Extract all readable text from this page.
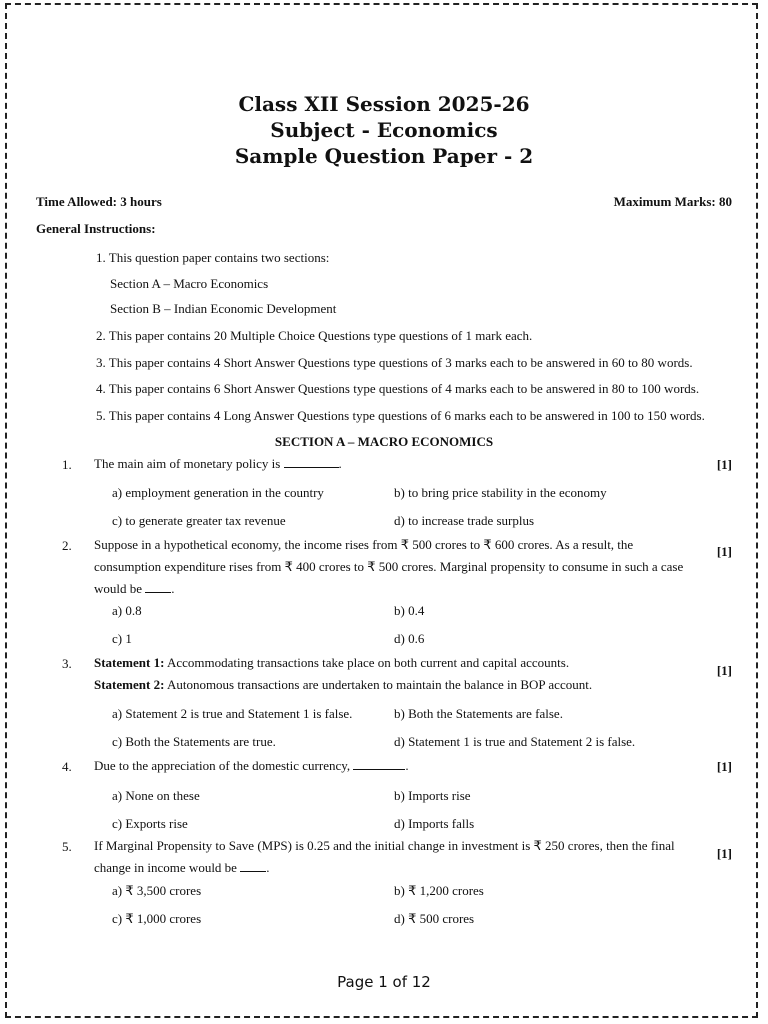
Class XII Session 2025-26
Subject - Economics
Sample Question Paper - 2
Time Allowed: 3 hours	Maximum Marks: 80
General Instructions:
1. This question paper contains two sections:
Section A – Macro Economics
Section B – Indian Economic Development
2. This paper contains 20 Multiple Choice Questions type questions of 1 mark each.
3. This paper contains 4 Short Answer Questions type questions of 3 marks each to be answered in 60 to 80 words.
4. This paper contains 6 Short Answer Questions type questions of 4 marks each to be answered in 80 to 100 words.
5. This paper contains 4 Long Answer Questions type questions of 6 marks each to be answered in 100 to 150 words.
SECTION A – MACRO ECONOMICS
1. The main aim of monetary policy is	.	[1]
a) employment generation in the country	b) to bring price stability in the economy
c) to generate greater tax revenue	d) to increase trade surplus
2. Suppose in a hypothetical economy, the income rises from ₹ 500 crores to ₹ 600 crores. As a result, the consumption expenditure rises from ₹ 400 crores to ₹ 500 crores. Marginal propensity to consume in such a case would be .
[1]
a) 0.8	b) 0.4
c) 1	d) 0.6
3. Statement 1: Accommodating transactions take place on both current and capital accounts.
Statement 2: Autonomous transactions are undertaken to maintain the balance in BOP account.
[1]
a) Statement 2 is true and Statement 1 is false.	b) Both the Statements are false.
c) Both the Statements are true.	d) Statement 1 is true and Statement 2 is false.
4. Due to the appreciation of the domestic currency,	.	[1]
a) None on these	b) Imports rise
c) Exports rise	d) Imports falls
5. If Marginal Propensity to Save (MPS) is 0.25 and the initial change in investment is ₹ 250 crores, then the final change in income would be .
[1]
a) ₹ 3,500 crores	b) ₹ 1,200 crores
c) ₹ 1,000 crores	d) ₹ 500 crores
Page 1 of 12
